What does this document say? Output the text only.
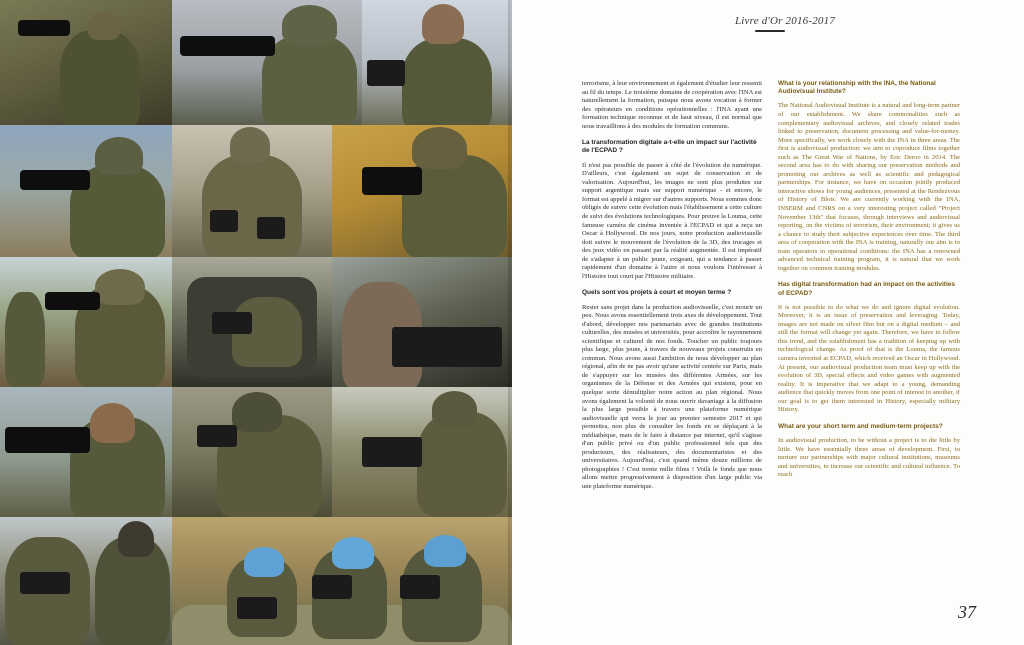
Livre d'Or 2016-2017

terrorisme, à leur environnement et également d'étudier leur ressenti au fil du temps. Le troisième domaine de coopération avec l'INA est naturellement la formation, puisque nous avons vocation à former des opérateurs en conditions opérationnelles : l'INA ayant une formation technique reconnue et de haut niveau, il est normal que nous travaillions à des modules de formation communs.

La transformation digitale a-t-elle un impact sur l'activité de l'ECPAD ?

Il n'est pas possible de passer à côté de l'évolution du numérique. D'ailleurs, c'est également un sujet de conservation et de valorisation. Aujourd'hui, les images ne sont plus produites sur support argentique mais sur support numérique - et encore, le format est appelé à migrer sur d'autres supports. Nous sommes donc obligés de suivre cette évolution mais l'établissement a cette culture de suivi des évolutions technologiques. Pour preuve la Louma, cette fameuse caméra de cinéma inventée à l'ECPAD et qui a reçu un Oscar à Hollywood. De nos jours, notre production audiovisuelle doit suivre le mouvement de l'évolution de la 3D, des trucages et des jeux vidéo en passant par la réalité augmentée. Il est impératif de s'adapter à un public jeune, exigeant, qui a tendance à passer rapidement d'un domaine à l'autre si nous voulons l'intéresser à l'Histoire tout court par l'Histoire militaire.

Quels sont vos projets à court et moyen terme ?

Rester sans projet dans la production audiovisuelle, c'est mourir un peu. Nous avons essentiellement trois axes de développement. Tout d'abord, développer nos partenariats avec de grandes institutions culturelles, des musées et universités, pour accroître le rayonnement scientifique et culturel de nos fonds. Toucher un public toujours plus large, plus jeune, à travers de nouveaux projets construits en commun. Nous avons aussi l'ambition de nous développer au plan régional, afin de ne pas avoir qu'une activité centrée sur Paris, mais de s'appuyer sur les musées des différentes Armées, sur les organismes de la Défense et des Armées qui existent, pour en quelque sorte démultiplier notre action au plan régional. Nous avons également la volonté de nous ouvrir davantage à la diffusion la plus large possible à travers une plateforme numérique audiovisuelle qui verra le jour au premier semestre 2017 et qui permettra, non plus de consulter les fonds en se déplaçant à la médiathèque, mais de le faire à distance par internet, qu'il s'agisse d'un public privé ou d'un public professionnel tels que des producteurs, des réalisateurs, des documentaristes et des universitaires. Aujourd'hui, c'est quand même douze millions de photographies ! C'est trente mille films ! Voilà le fonds que nous allons mettre progressivement à disposition d'un large public via une plateforme numérique.

What is your relationship with the INA, the National Audiovisual Institute?

The National Audiovisual Institute is a natural and long-term partner of our establishment. We share commonalities such as complementary audiovisual archives, and closely related trades linked to preservation, document processing and value-for-money. More specifically, we work closely with the INA in three areas. The first is audiovisual production: we aim to coproduce films together such as The Great War of Nations, by Eric Deroo in 2014. The second area has to do with sharing our preservation methods and promoting our archives as well as scientific and pedagogical partnerships. For instance, we have on occasion jointly produced interactive shows for young audiences, presented at the Rendezvous of History of Blois. We are currently working with the INA, INSERM and CNRS on a very interesting project called "Project November 13th" that focuses, through interviews and audiovisual reporting, on the victims of terrorism, their environment; it gives us a chance to study their subjective experiences over time. The third area of cooperation with the INA is training, naturally our aim is to train operators in operational conditions: the INA has a renowned advanced technical training program, it is natural that we work together on common training modules.

Has digital transformation had an impact on the activities of ECPAD?

It is not possible to do what we do and ignore digital evolution. Moreover, it is an issue of preservation and leveraging. Today, images are not made on silver film but on a digital medium – and still the format will change yet again. Therefore, we have to follow this trend, and the establishment has a tradition of keeping up with technological change. As proof of that is the Louma, the famous camera invented at ECPAD, which received an Oscar in Hollywood. At present, our audiovisual production team must keep up with the evolution of 3D, special effects and video games with augmented reality. It is imperative that we adapt to a young, demanding audience that quickly moves from one point of interest to another, if our goal is to get them interested in History, especially military History.

What are your short term and medium-term projects?

In audiovisual production, to be without a project is to die little by little. We have essentially three areas of development. First, to nurture our partnerships with major cultural institutions, museums and universities, to increase our scientific and cultural influence. To reach

37
